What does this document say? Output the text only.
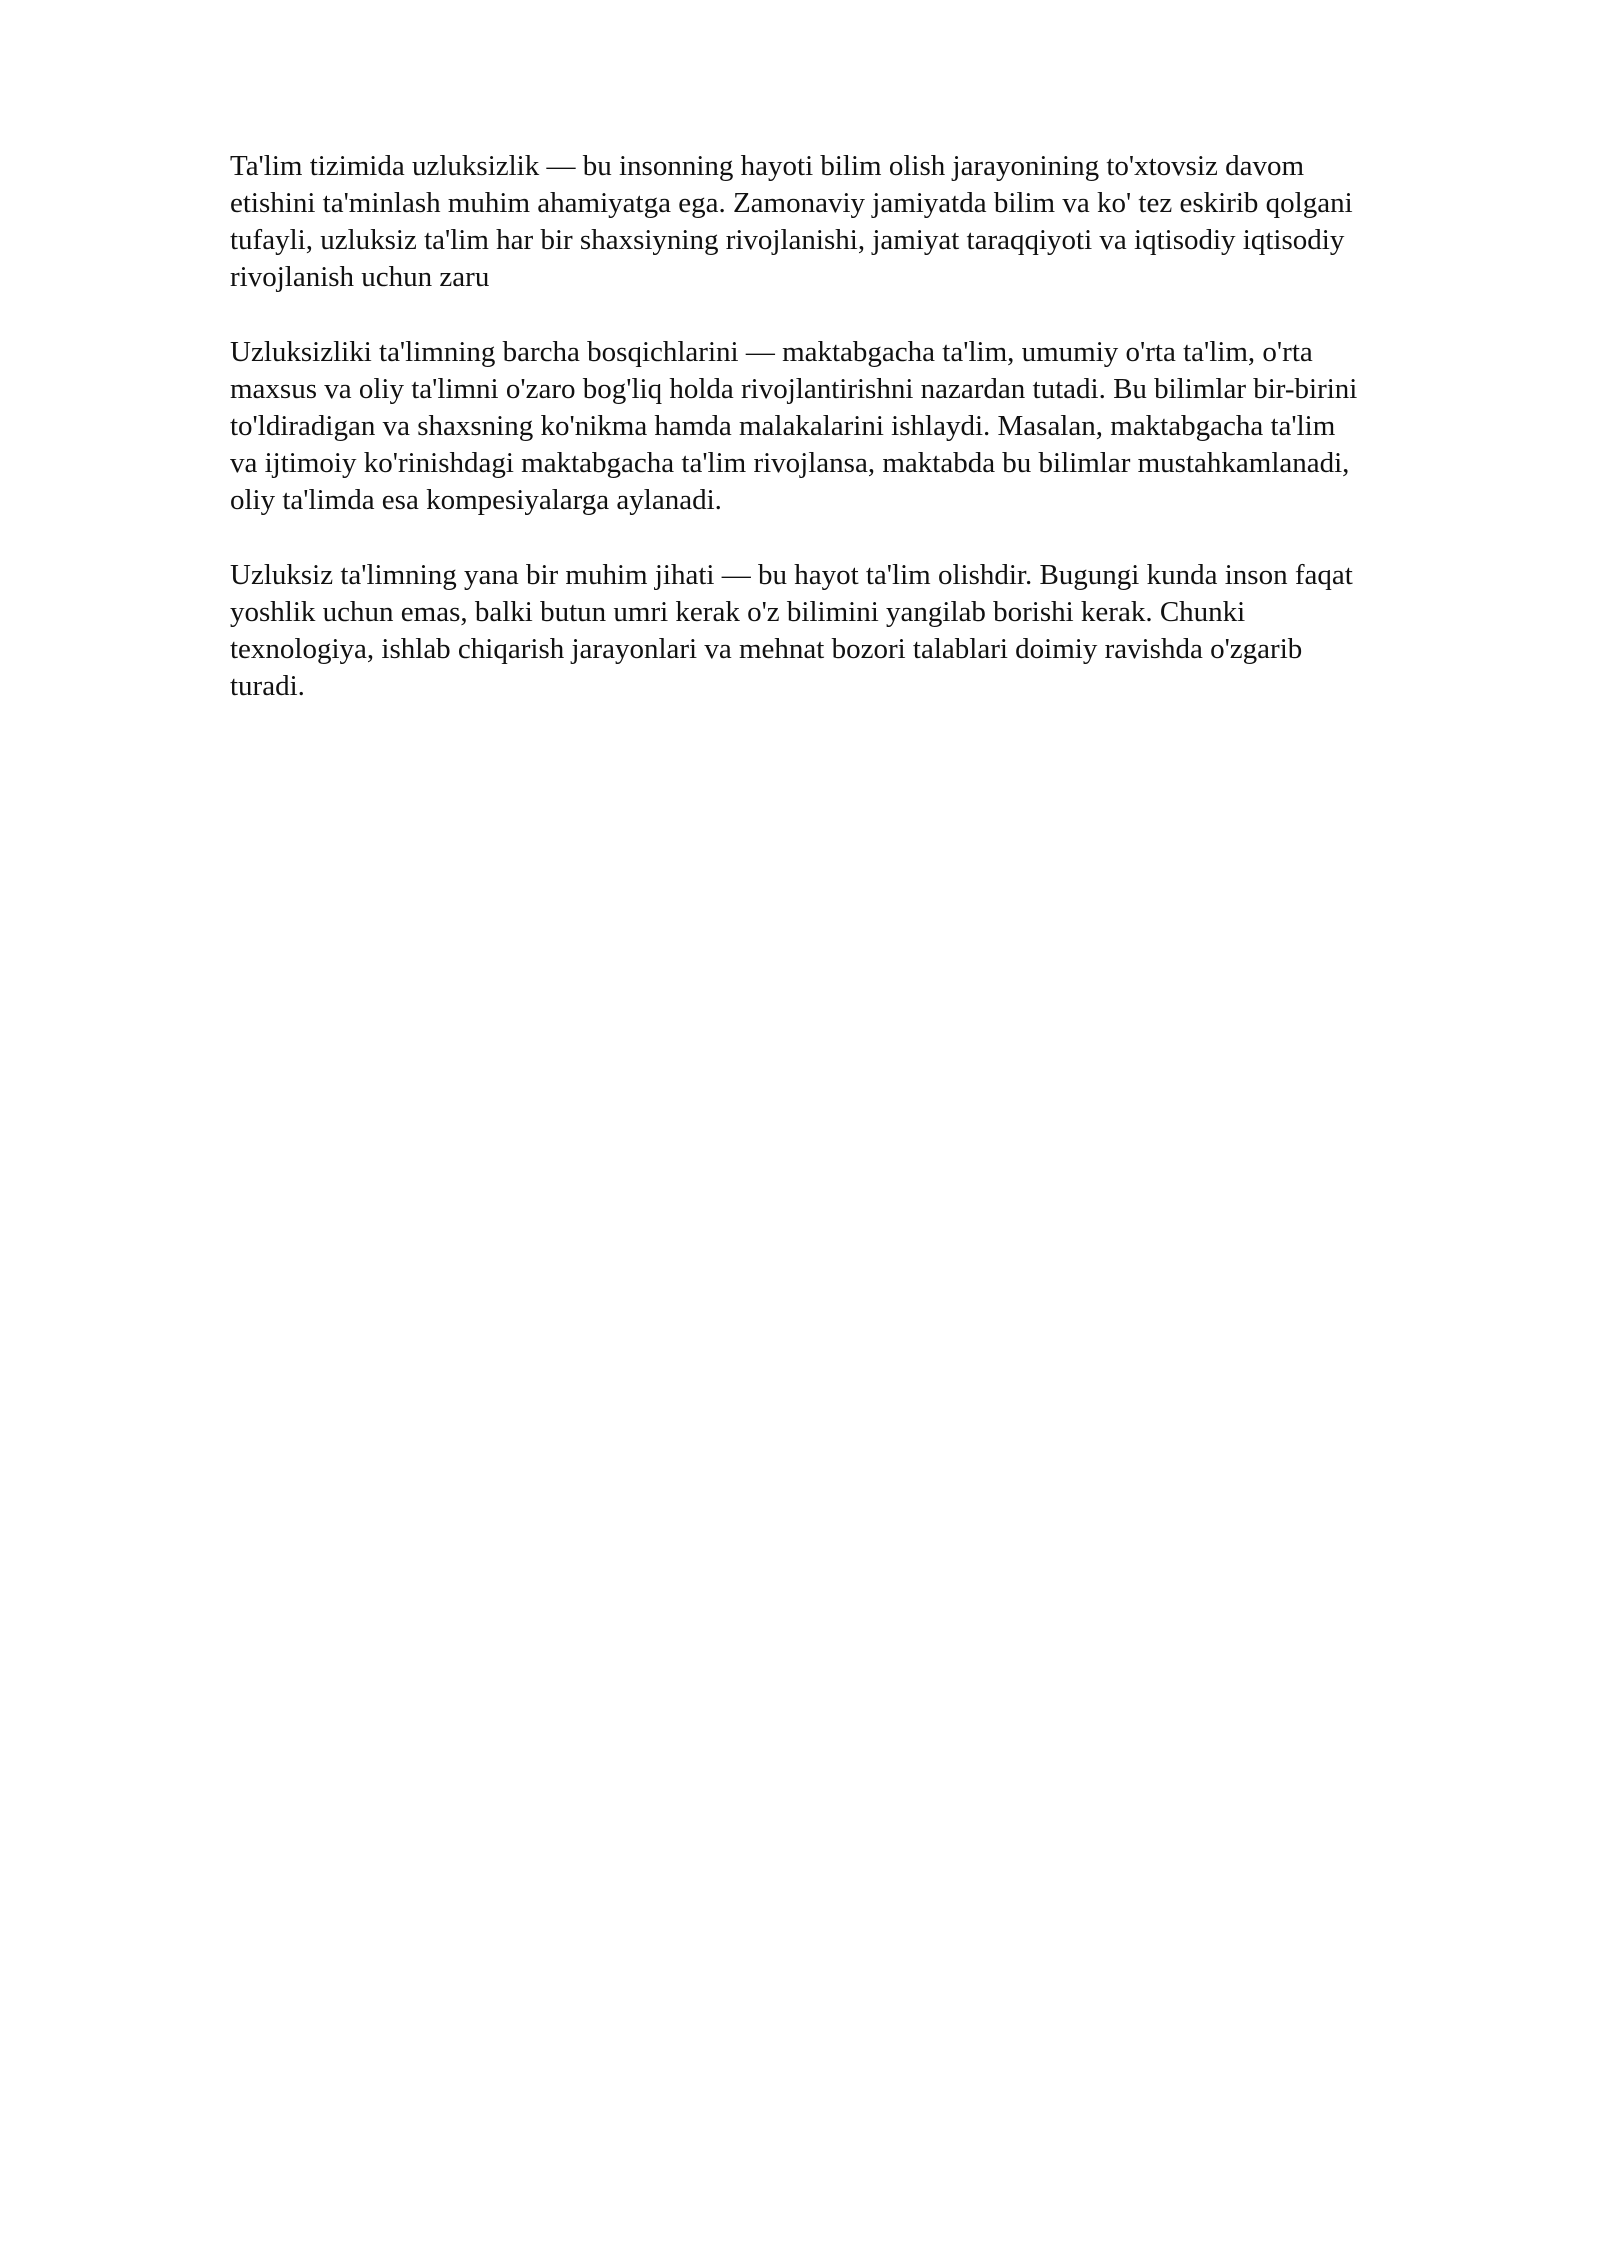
Ta'lim tizimida uzluksizlik — bu insonning hayoti bilim olish jarayonining to'xtovsiz davom
etishini ta'minlash muhim ahamiyatga ega. Zamonaviy jamiyatda bilim va ko' tez eskirib qolgani
tufayli, uzluksiz ta'lim har bir shaxsiyning rivojlanishi, jamiyat taraqqiyoti va iqtisodiy iqtisodiy
rivojlanish uchun zaru

Uzluksizliki ta'limning barcha bosqichlarini — maktabgacha ta'lim, umumiy o'rta ta'lim, o'rta
maxsus va oliy ta'limni o'zaro bog'liq holda rivojlantirishni nazardan tutadi. Bu bilimlar bir-birini
to'ldiradigan va shaxsning ko'nikma hamda malakalarini ishlaydi. Masalan, maktabgacha ta'lim
va ijtimoiy ko'rinishdagi maktabgacha ta'lim rivojlansa, maktabda bu bilimlar mustahkamlanadi,
oliy ta'limda esa kompesiyalarga aylanadi.

Uzluksiz ta'limning yana bir muhim jihati — bu hayot ta'lim olishdir. Bugungi kunda inson faqat
yoshlik uchun emas, balki butun umri kerak o'z bilimini yangilab borishi kerak. Chunki
texnologiya, ishlab chiqarish jarayonlari va mehnat bozori talablari doimiy ravishda o'zgarib
turadi.
